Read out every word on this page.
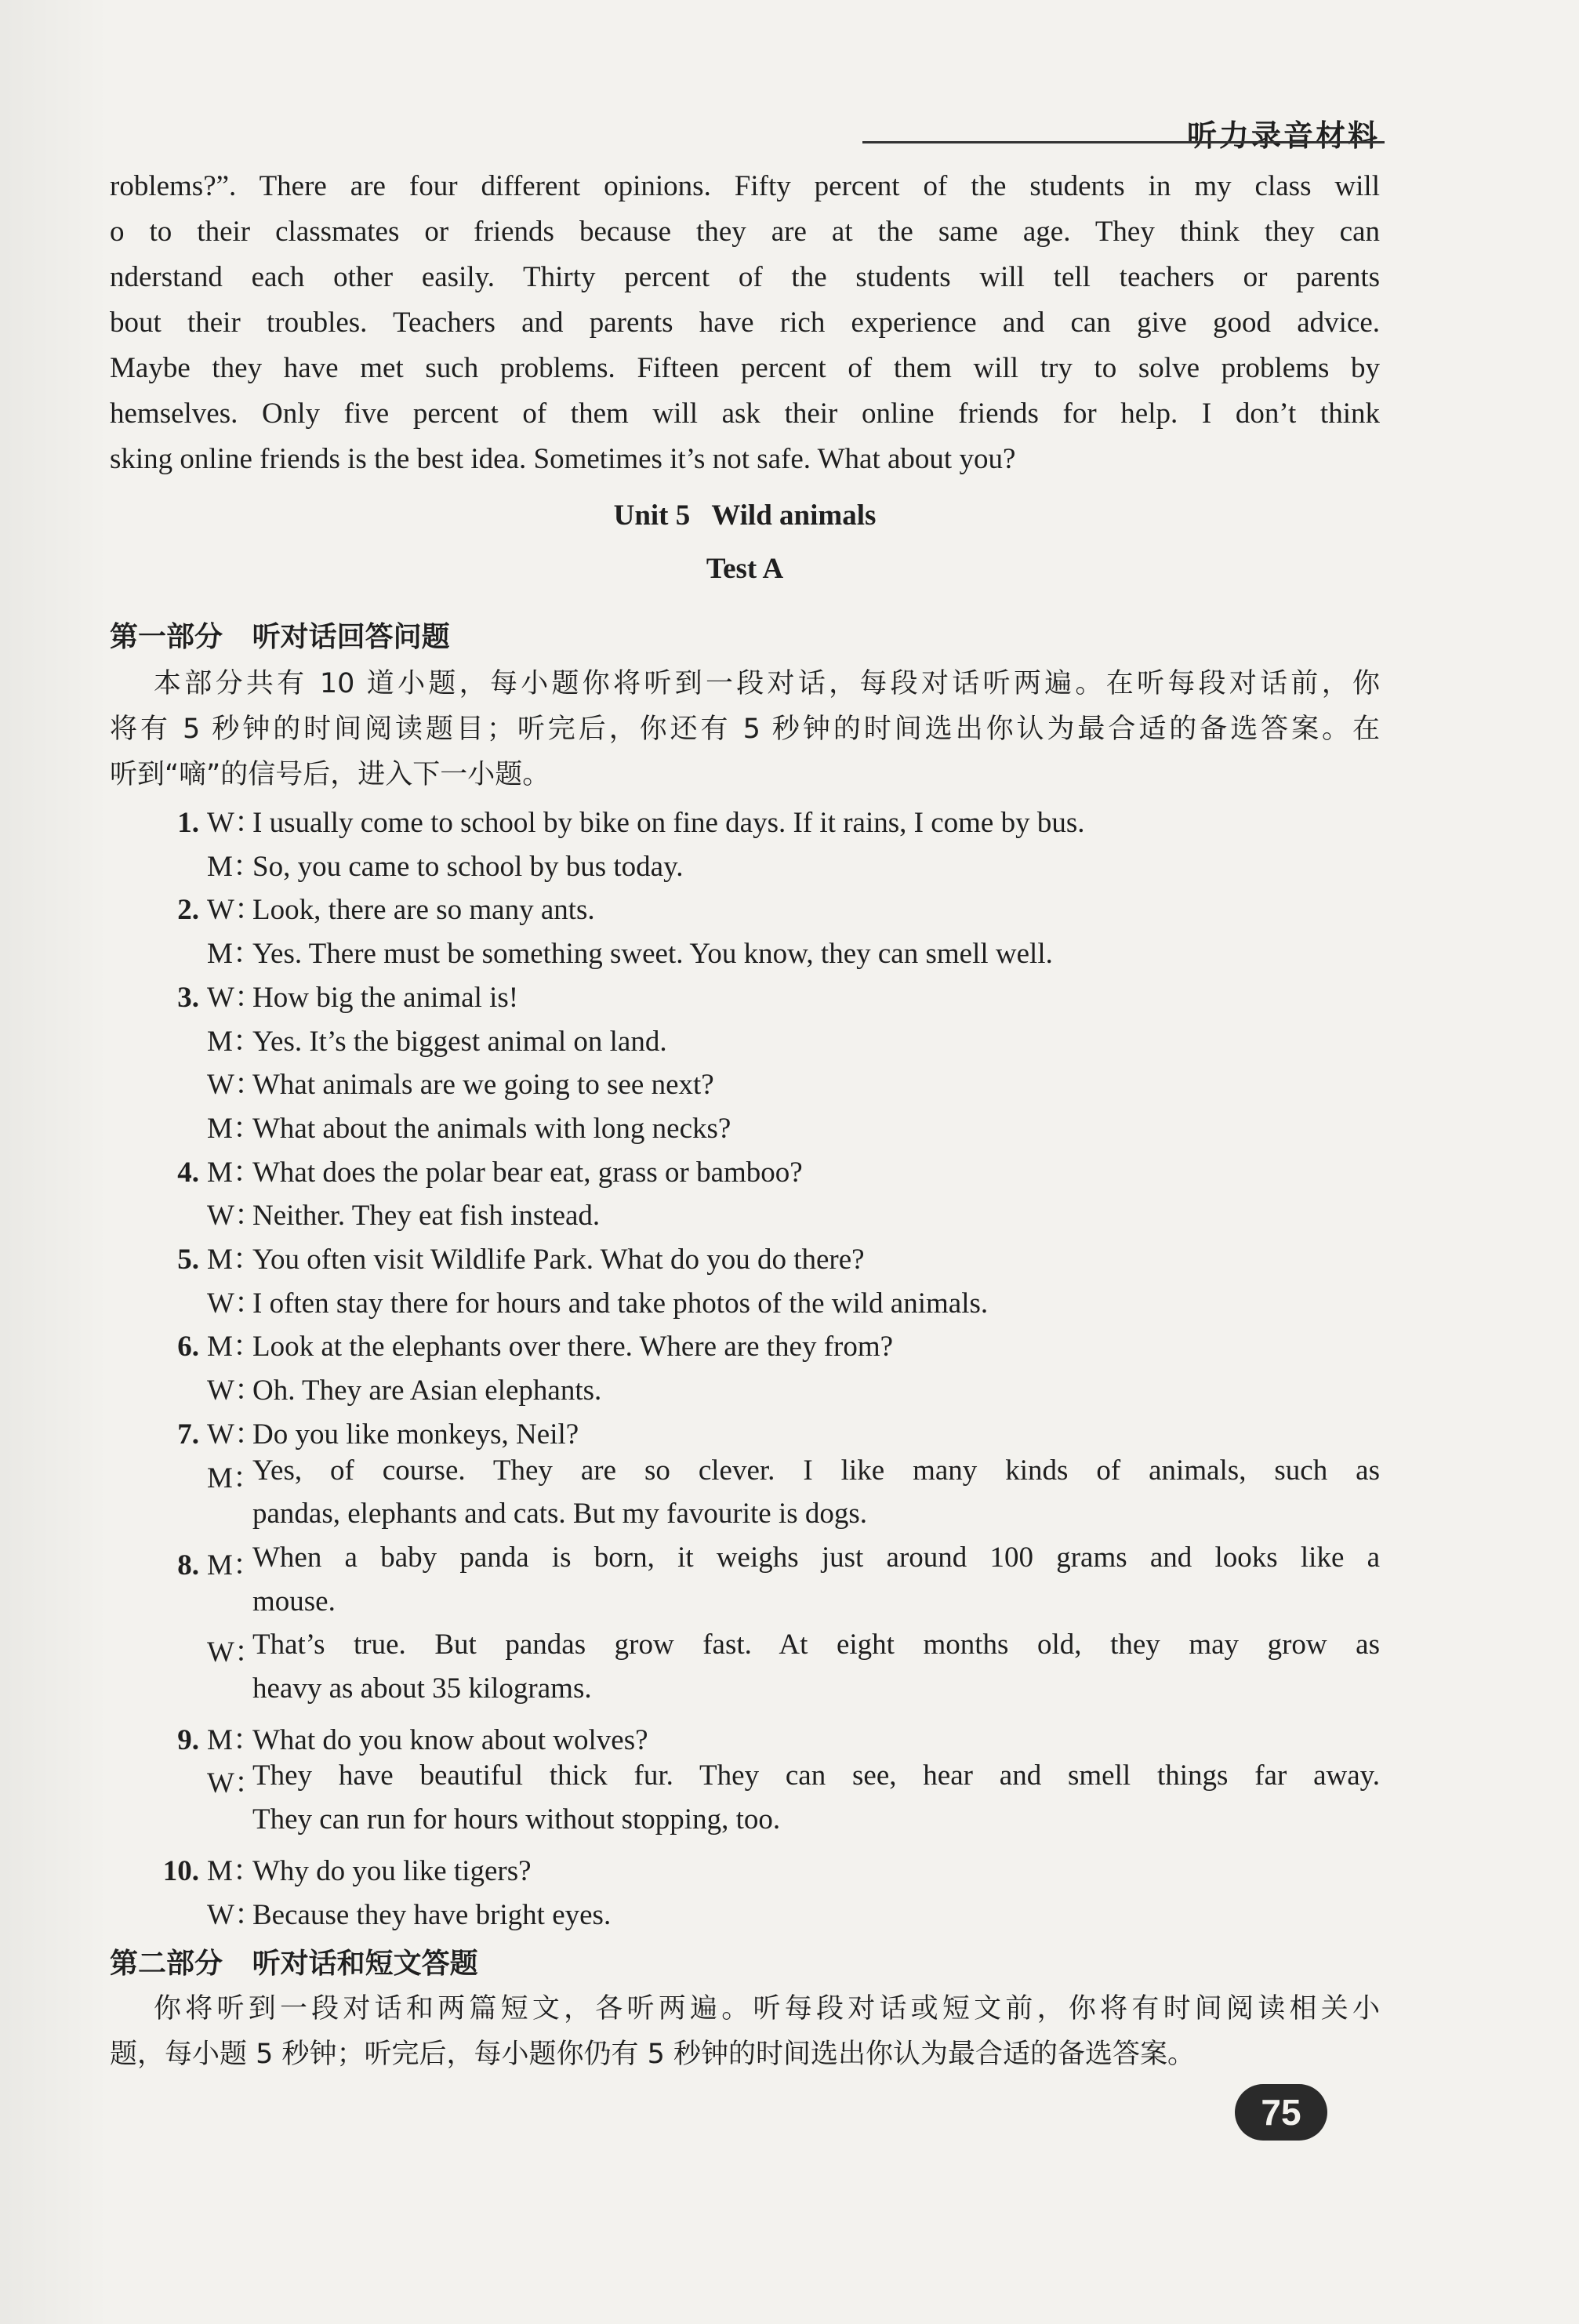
听力录音材料
roblems?”. There are four different opinions. Fifty percent of the students in my class will
o to their classmates or friends because they are at the same age. They think they can
nderstand each other easily. Thirty percent of the students will tell teachers or parents
bout their troubles. Teachers and parents have rich experience and can give good advice.
Maybe they have met such problems. Fifteen percent of them will try to solve problems by
hemselves. Only five percent of them will ask their online friends for help. I don’t think
sking online friends is the best idea. Sometimes it’s not safe. What about you?
Unit 5   Wild animals
Test A
第一部分   听对话回答问题
本部分共有 10 道小题，每小题你将听到一段对话，每段对话听两遍。在听每段对话前，你
将有 5 秒钟的时间阅读题目；听完后，你还有 5 秒钟的时间选出你认为最合适的备选答案。在
听到“嘀”的信号后，进入下一小题。
1. W：I usually come to school by bike on fine days. If it rains, I come by bus.
M：So, you came to school by bus today.
2. W：Look, there are so many ants.
M：Yes. There must be something sweet. You know, they can smell well.
3. W：How big the animal is!
M：Yes. It’s the biggest animal on land.
W：What animals are we going to see next?
M：What about the animals with long necks?
4. M：What does the polar bear eat, grass or bamboo?
W：Neither. They eat fish instead.
5. M：You often visit Wildlife Park. What do you do there?
W：I often stay there for hours and take photos of the wild animals.
6. M：Look at the elephants over there. Where are they from?
W：Oh. They are Asian elephants.
7. W：Do you like monkeys, Neil?
M：Yes, of course. They are so clever. I like many kinds of animals, such as
pandas, elephants and cats. But my favourite is dogs.
8. M：When a baby panda is born, it weighs just around 100 grams and looks like a
mouse.
W：That’s true. But pandas grow fast. At eight months old, they may grow as
heavy as about 35 kilograms.
9. M：What do you know about wolves?
W：They have beautiful thick fur. They can see, hear and smell things far away.
They can run for hours without stopping, too.
10. M：Why do you like tigers?
W：Because they have bright eyes.
第二部分   听对话和短文答题
你将听到一段对话和两篇短文，各听两遍。听每段对话或短文前，你将有时间阅读相关小
题，每小题 5 秒钟；听完后，每小题你仍有 5 秒钟的时间选出你认为最合适的备选答案。
75
